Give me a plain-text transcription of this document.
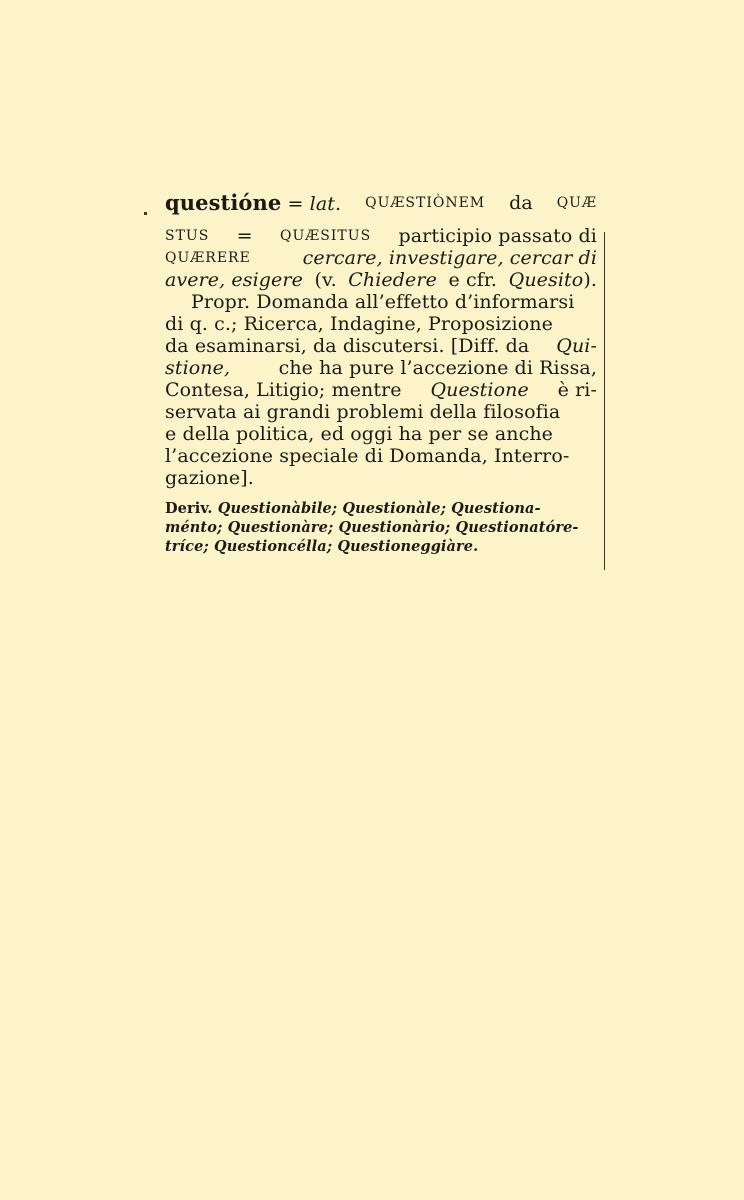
questióne = lat. QUÆSTIÒNEM da QUÆ
STUS = QUÆSITUS participio passato di
QUÆRERE	cercare, investigare, cercar di
avere, esigere (v. Chiedere e cfr. Quesito).
Propr. Domanda all’effetto d’informarsi
di q. c.; Ricerca, Indagine, Proposizione
da esaminarsi, da discutersi. [Diff. da Qui-
stione,	che ha pure l’accezione di Rissa,
Contesa, Litigio; mentre Questione è ri-
servata ai grandi problemi della filosofia
e della politica, ed oggi ha per se anche
l’accezione speciale di Domanda, Interro-
gazione].
Deriv. Questionàbile; Questionàle; Questiona-
ménto; Questionàre; Questionàrio; Questionatóre-
tríce; Questioncélla; Questioneggiàre.
